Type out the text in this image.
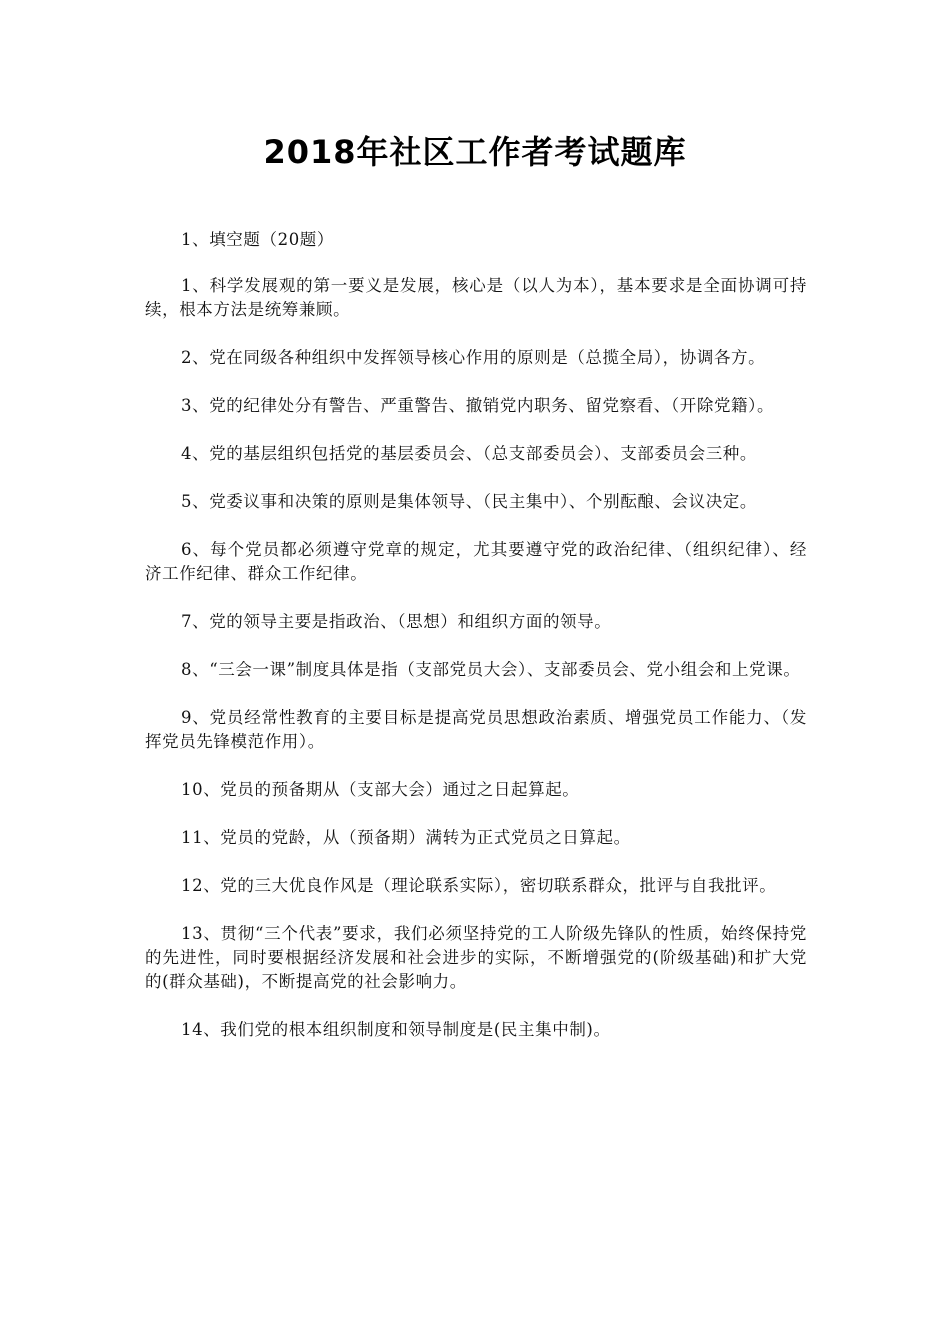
2018年社区工作者考试题库

1、填空题（20题）

1、科学发展观的第一要义是发展，核心是（以人为本），基本要求是全面协调可持续，根本方法是统筹兼顾。

2、党在同级各种组织中发挥领导核心作用的原则是（总揽全局），协调各方。

3、党的纪律处分有警告、严重警告、撤销党内职务、留党察看、（开除党籍）。

4、党的基层组织包括党的基层委员会、（总支部委员会）、支部委员会三种。

5、党委议事和决策的原则是集体领导、（民主集中）、个别酝酿、会议决定。

6、每个党员都必须遵守党章的规定，尤其要遵守党的政治纪律、（组织纪律）、经济工作纪律、群众工作纪律。

7、党的领导主要是指政治、（思想）和组织方面的领导。

8、“三会一课”制度具体是指（支部党员大会）、支部委员会、党小组会和上党课。

9、党员经常性教育的主要目标是提高党员思想政治素质、增强党员工作能力、（发挥党员先锋模范作用）。

10、党员的预备期从（支部大会）通过之日起算起。

11、党员的党龄，从（预备期）满转为正式党员之日算起。

12、党的三大优良作风是（理论联系实际），密切联系群众，批评与自我批评。

13、贯彻“三个代表”要求，我们必须坚持党的工人阶级先锋队的性质，始终保持党的先进性，同时要根据经济发展和社会进步的实际，不断增强党的(阶级基础)和扩大党的(群众基础)，不断提高党的社会影响力。

14、我们党的根本组织制度和领导制度是(民主集中制)。
